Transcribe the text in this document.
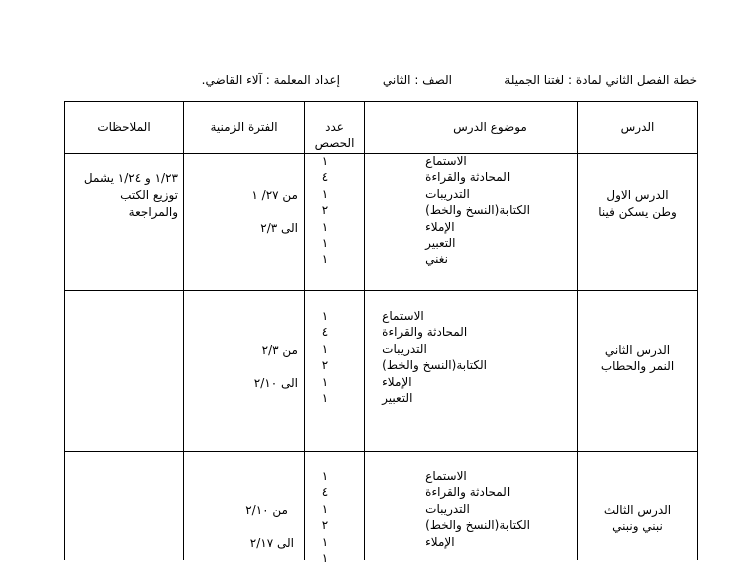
خطة الفصل الثاني لمادة : لغتنا الجميلة
الصف : الثاني
إعداد المعلمة : آلاء القاضي.
الدرس
موضوع الدرس
عدد
الحصص
الفترة الزمنية
الملاحظات
الدرس الاول
وطن يسكن فينا
الاستماع
المحادثة والقراءة
التدريبات
الكتابة(النسخ والخط)
الإملاء
التعبير
نغني
١
٤
١
٢
١
١
١
من ٢٧/ ١
الى ٢/٣
١/٢٣ و ١/٢٤ يشمل
توزيع الكتب
والمراجعة
الدرس الثاني
النمر والحطاب
الاستماع
المحادثة والقراءة
التدريبات
الكتابة(النسخ والخط)
الإملاء
التعبير
١
٤
١
٢
١
١
من ٢/٣
الى ٢/١٠
الدرس الثالث
نبني ونبني
الاستماع
المحادثة والقراءة
التدريبات
الكتابة(النسخ والخط)
الإملاء
١
٤
١
٢
١
١
من ٢/١٠
الى ٢/١٧
